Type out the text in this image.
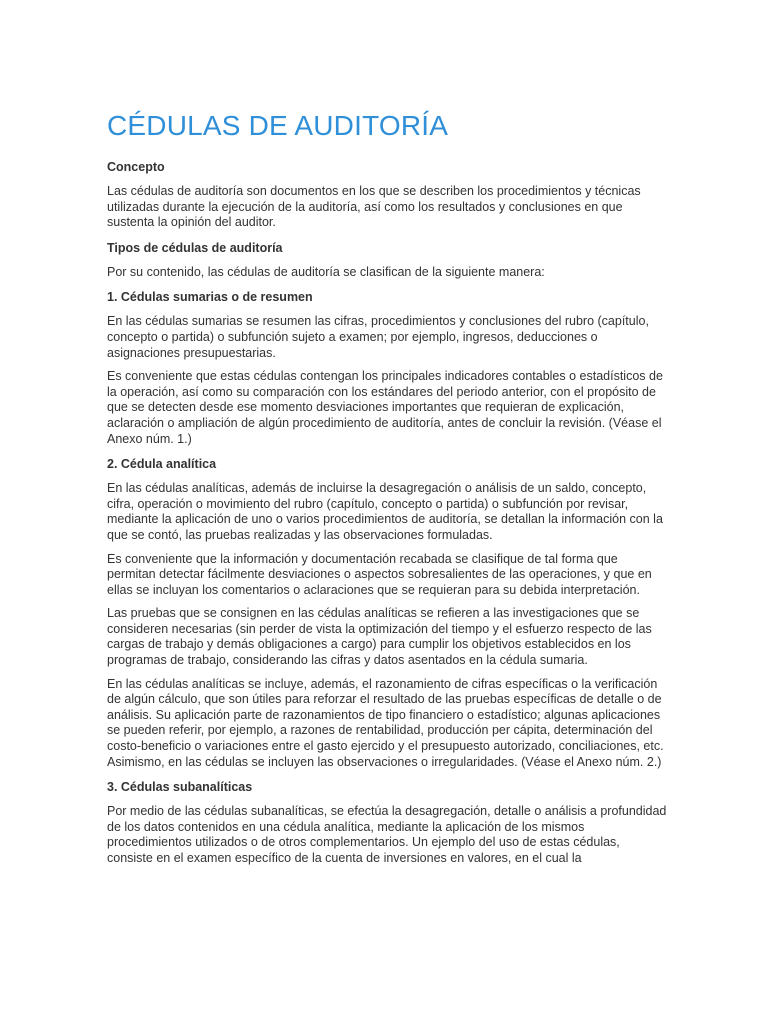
CÉDULAS DE AUDITORÍA

Concepto

Las cédulas de auditoría son documentos en los que se describen los procedimientos y técnicas utilizadas durante la ejecución de la auditoría, así como los resultados y conclusiones en que sustenta la opinión del auditor.

Tipos de cédulas de auditoría

Por su contenido, las cédulas de auditoría se clasifican de la siguiente manera:

1. Cédulas sumarias o de resumen

En las cédulas sumarias se resumen las cifras, procedimientos y conclusiones del rubro (capítulo, concepto o partida) o subfunción sujeto a examen; por ejemplo, ingresos, deducciones o asignaciones presupuestarias.

Es conveniente que estas cédulas contengan los principales indicadores contables o estadísticos de la operación, así como su comparación con los estándares del periodo anterior, con el propósito de que se detecten desde ese momento desviaciones importantes que requieran de explicación, aclaración o ampliación de algún procedimiento de auditoría, antes de concluir la revisión. (Véase el Anexo núm. 1.)

2. Cédula analítica

En las cédulas analíticas, además de incluirse la desagregación o análisis de un saldo, concepto, cifra, operación o movimiento del rubro (capítulo, concepto o partida) o subfunción por revisar, mediante la aplicación de uno o varios procedimientos de auditoría, se detallan la información con la que se contó, las pruebas realizadas y las observaciones formuladas.

Es conveniente que la información y documentación recabada se clasifique de tal forma que permitan detectar fácilmente desviaciones o aspectos sobresalientes de las operaciones, y que en ellas se incluyan los comentarios o aclaraciones que se requieran para su debida interpretación.

Las pruebas que se consignen en las cédulas analíticas se refieren a las investigaciones que se consideren necesarias (sin perder de vista la optimización del tiempo y el esfuerzo respecto de las cargas de trabajo y demás obligaciones a cargo) para cumplir los objetivos establecidos en los programas de trabajo, considerando las cifras y datos asentados en la cédula sumaria.

En las cédulas analíticas se incluye, además, el razonamiento de cifras específicas o la verificación de algún cálculo, que son útiles para reforzar el resultado de las pruebas específicas de detalle o de análisis. Su aplicación parte de razonamientos de tipo financiero o estadístico; algunas aplicaciones se pueden referir, por ejemplo, a razones de rentabilidad, producción per cápita, determinación del costo-beneficio o variaciones entre el gasto ejercido y el presupuesto autorizado, conciliaciones, etc. Asimismo, en las cédulas se incluyen las observaciones o irregularidades. (Véase el Anexo núm. 2.)

3. Cédulas subanalíticas

Por medio de las cédulas subanalíticas, se efectúa la desagregación, detalle o análisis a profundidad de los datos contenidos en una cédula analítica, mediante la aplicación de los mismos procedimientos utilizados o de otros complementarios. Un ejemplo del uso de estas cédulas, consiste en el examen específico de la cuenta de inversiones en valores, en el cual la
